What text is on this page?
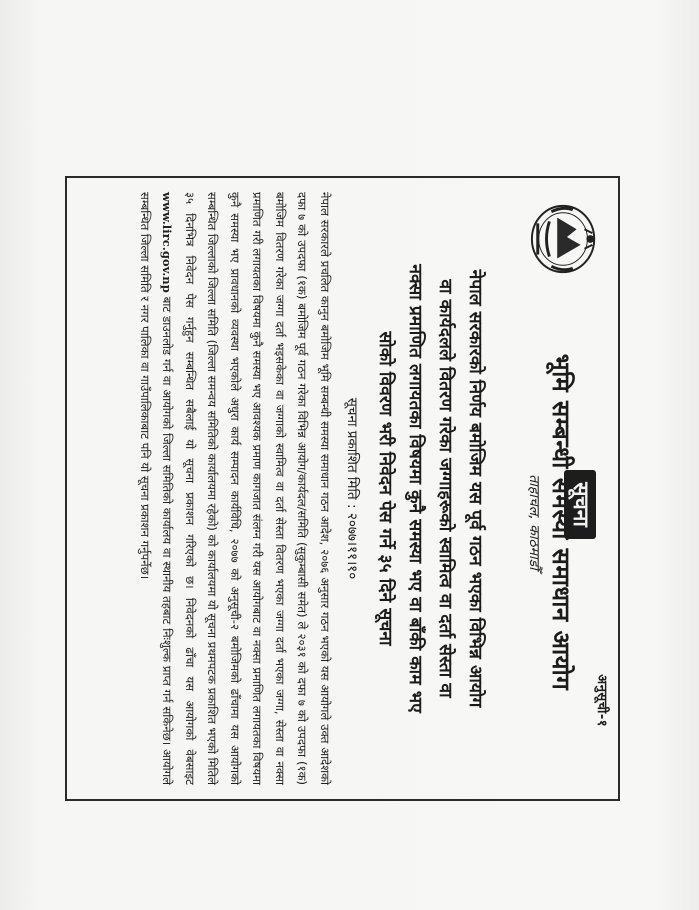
अनुसूची-१
सूचना
भूमि सम्बन्धी समस्या समाधान आयोग
ताहाचल, काठमाडौँ
नेपाल सरकारको निर्णय बमोजिम यस पूर्व गठन भएका विभिन्न आयोग
वा कार्यदलले वितरण गरेका जग्गाहरूको स्वामित्व वा दर्ता सेस्ता वा
नक्सा प्रमाणित लगायतका विषयमा कुनै समस्या भए वा बाँकी काम भए
सोको विवरण भरी निवेदन पेस गर्ने ३५ दिने सूचना
सूचना प्रकाशित मिति : २०७७।११।१०
नेपाल सरकारले प्रचलित कानुन बमोजिम भूमि सम्बन्धी समस्या समाधान गठन आदेश, २०७६ अनुसार गठन भएको यस आयोगले उक्त आदेशको दफा ७ को उपदफा (१क) बमोजिम पूर्व गठन गरेका विभिन्न आयोग/कार्यदल/समिति (सुकुम्बासी समेत) ले २०३१ को दफा ७ को उपदफा (१क) बमोजिम वितरण गरेका जग्गा दर्ता भइसकेका वा जग्गाको स्वामित्व वा दर्ता सेस्ता वितरण भएका जग्गा दर्ता भएका जग्गा, सेस्ता वा नक्सा प्रमाणित गरी लगायतका विषयमा कुनै समस्या भए आवश्यक प्रमाण कागजात संलग्न गरी यस आयोगबाट वा नक्सा प्रमाणित लगायतका विषयमा कुनै समस्या भए प्रावधानको व्यवस्था भएकोले अधुरा कार्य सम्पादन कार्यविधि, २०७७ को अनुसूची-२ बमोजिमको ढाँचामा यस आयोगको सम्बन्धित जिल्लाको जिल्ला समिति (जिल्ला समन्वय समितिको कार्यालयमा रहेको) को कार्यालयमा यो सूचना प्रथमपटक प्रकाशित भएको मितिले ३५ दिनभित्र निवेदन पेस गर्नुहुन सम्बन्धित सबैलाई यो सूचना प्रकाशन गरिएको छ। निवेदनको ढाँचा यस आयोगको वेबसाइट www.lirc.gov.np बाट डाउनलोड गर्न वा आयोगको जिल्ला समितिको कार्यालय वा स्थानीय तहबाट निःशुल्क प्राप्त गर्न सकिनेछ। आयोगले सम्बन्धित जिल्ला समिति र नगर पालिका वा गाउँपालिकाबाट पनि यो सूचना प्रकाशन गर्नुपर्नेछ।
